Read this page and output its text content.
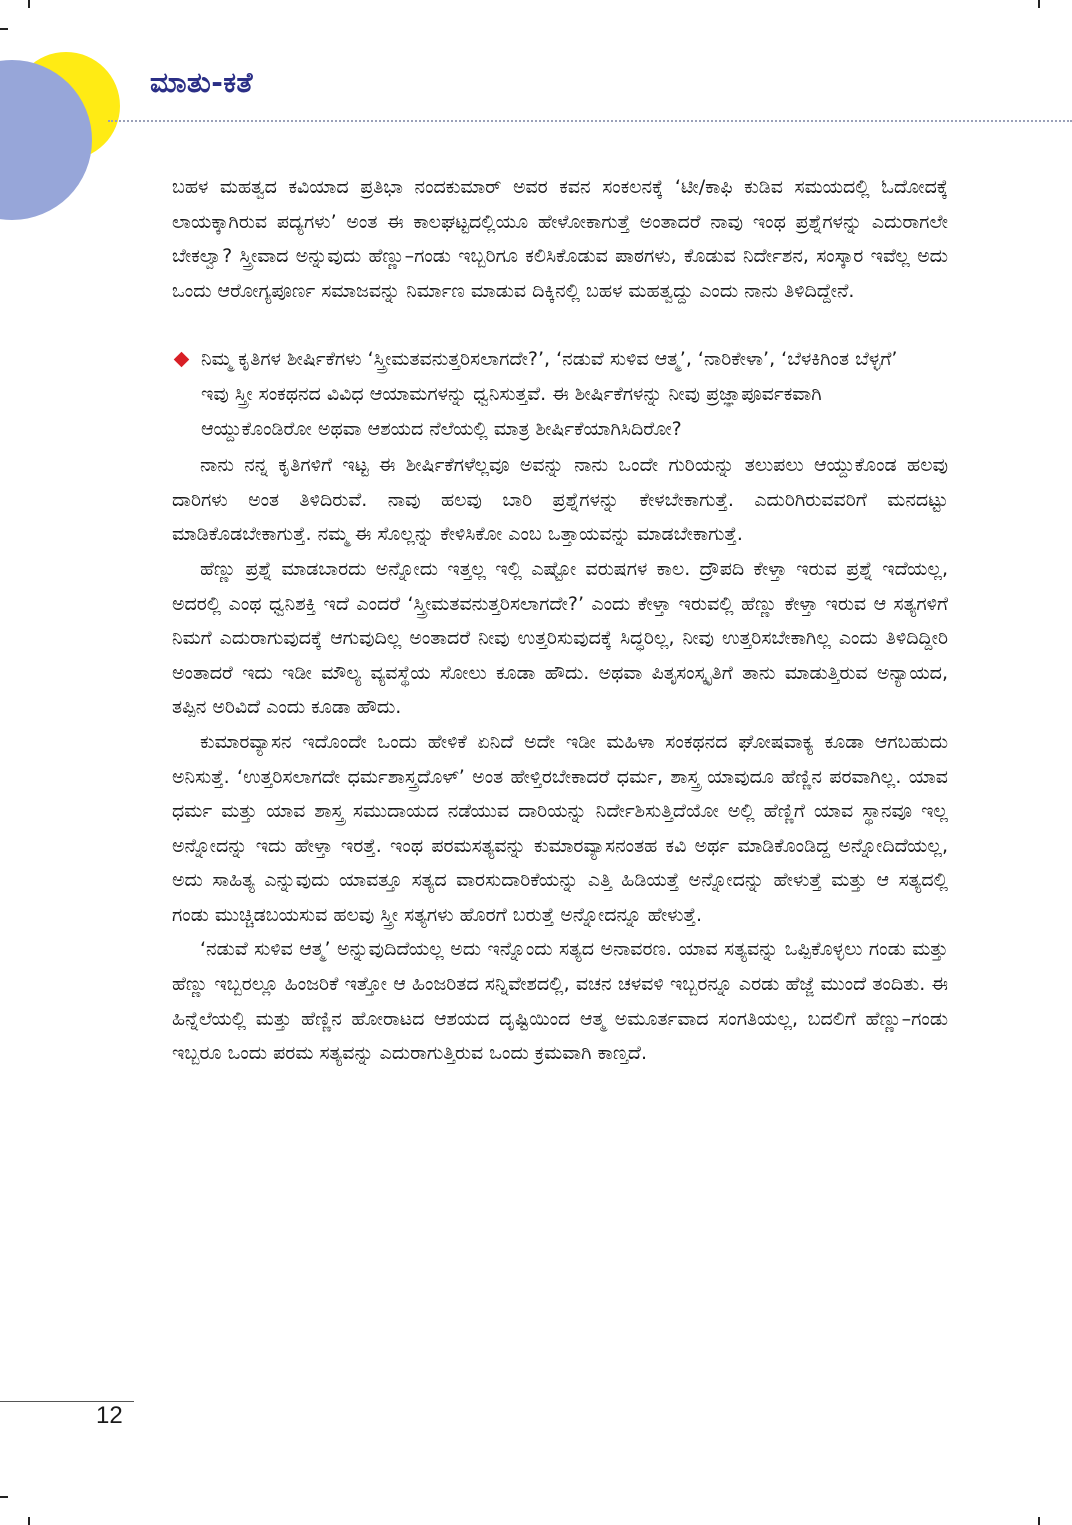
ಮಾತು-ಕತೆ

ಬಹಳ ಮಹತ್ವದ ಕವಿಯಾದ ಪ್ರತಿಭಾ ನಂದಕುಮಾರ್ ಅವರ ಕವನ ಸಂಕಲನಕ್ಕೆ ‘ಟೀ/ಕಾಫಿ ಕುಡಿವ ಸಮಯದಲ್ಲಿ ಓದೋದಕ್ಕೆ ಲಾಯಕ್ಕಾಗಿರುವ ಪದ್ಯಗಳು’ ಅಂತ ಈ ಕಾಲಘಟ್ಟದಲ್ಲಿಯೂ ಹೇಳೋಕಾಗುತ್ತೆ ಅಂತಾದರೆ ನಾವು ಇಂಥ ಪ್ರಶ್ನೆಗಳನ್ನು ಎದುರಾಗಲೇ ಬೇಕಲ್ವಾ? ಸ್ತ್ರೀವಾದ ಅನ್ನುವುದು ಹೆಣ್ಣು–ಗಂಡು ಇಬ್ಬರಿಗೂ ಕಲಿಸಿಕೊಡುವ ಪಾಠಗಳು, ಕೊಡುವ ನಿರ್ದೇಶನ, ಸಂಸ್ಕಾರ ಇವೆಲ್ಲ ಅದು ಒಂದು ಆರೋಗ್ಯಪೂರ್ಣ ಸಮಾಜವನ್ನು ನಿರ್ಮಾಣ ಮಾಡುವ ದಿಕ್ಕಿನಲ್ಲಿ ಬಹಳ ಮಹತ್ವದ್ದು ಎಂದು ನಾನು ತಿಳಿದಿದ್ದೇನೆ.

ನಿಮ್ಮ ಕೃತಿಗಳ ಶೀರ್ಷಿಕೆಗಳು ‘ಸ್ತ್ರೀಮತವನುತ್ತರಿಸಲಾಗದೇ?’, ‘ನಡುವೆ ಸುಳಿವ ಆತ್ಮ’, ‘ನಾರಿಕೇಳಾ’, ‘ಬೆಳಕಿಗಿಂತ ಬೆಳ್ಳಗೆ’ ಇವು ಸ್ತ್ರೀ ಸಂಕಥನದ ವಿವಿಧ ಆಯಾಮಗಳನ್ನು ಧ್ವನಿಸುತ್ತವೆ. ಈ ಶೀರ್ಷಿಕೆಗಳನ್ನು ನೀವು ಪ್ರಜ್ಞಾಪೂರ್ವಕವಾಗಿ ಆಯ್ದುಕೊಂಡಿರೋ ಅಥವಾ ಆಶಯದ ನೆಲೆಯಲ್ಲಿ ಮಾತ್ರ ಶೀರ್ಷಿಕೆಯಾಗಿಸಿದಿರೋ?

ನಾನು ನನ್ನ ಕೃತಿಗಳಿಗೆ ಇಟ್ಟ ಈ ಶೀರ್ಷಿಕೆಗಳೆಲ್ಲವೂ ಅವನ್ನು ನಾನು ಒಂದೇ ಗುರಿಯನ್ನು ತಲುಪಲು ಆಯ್ದುಕೊಂಡ ಹಲವು ದಾರಿಗಳು ಅಂತ ತಿಳಿದಿರುವೆ. ನಾವು ಹಲವು ಬಾರಿ ಪ್ರಶ್ನೆಗಳನ್ನು ಕೇಳಬೇಕಾಗುತ್ತೆ. ಎದುರಿಗಿರುವವರಿಗೆ ಮನದಟ್ಟು ಮಾಡಿಕೊಡಬೇಕಾಗುತ್ತೆ. ನಮ್ಮ ಈ ಸೊಲ್ಲನ್ನು ಕೇಳಿಸಿಕೋ ಎಂಬ ಒತ್ತಾಯವನ್ನು ಮಾಡಬೇಕಾಗುತ್ತೆ.

ಹೆಣ್ಣು ಪ್ರಶ್ನೆ ಮಾಡಬಾರದು ಅನ್ನೋದು ಇತ್ತಲ್ಲ ಇಲ್ಲಿ ಎಷ್ಟೋ ವರುಷಗಳ ಕಾಲ. ದ್ರೌಪದಿ ಕೇಳ್ತಾ ಇರುವ ಪ್ರಶ್ನೆ ಇದೆಯಲ್ಲ, ಅದರಲ್ಲಿ ಎಂಥ ಧ್ವನಿಶಕ್ತಿ ಇದೆ ಎಂದರೆ ‘ಸ್ತ್ರೀಮತವನುತ್ತರಿಸಲಾಗದೇ?’ ಎಂದು ಕೇಳ್ತಾ ಇರುವಲ್ಲಿ ಹೆಣ್ಣು ಕೇಳ್ತಾ ಇರುವ ಆ ಸತ್ಯಗಳಿಗೆ ನಿಮಗೆ ಎದುರಾಗುವುದಕ್ಕೆ ಆಗುವುದಿಲ್ಲ ಅಂತಾದರೆ ನೀವು ಉತ್ತರಿಸುವುದಕ್ಕೆ ಸಿದ್ಧರಿಲ್ಲ, ನೀವು ಉತ್ತರಿಸಬೇಕಾಗಿಲ್ಲ ಎಂದು ತಿಳಿದಿದ್ದೀರಿ ಅಂತಾದರೆ ಇದು ಇಡೀ ಮೌಲ್ಯ ವ್ಯವಸ್ಥೆಯ ಸೋಲು ಕೂಡಾ ಹೌದು. ಅಥವಾ ಪಿತೃಸಂಸ್ಕೃತಿಗೆ ತಾನು ಮಾಡುತ್ತಿರುವ ಅನ್ಯಾಯದ, ತಪ್ಪಿನ ಅರಿವಿದೆ ಎಂದು ಕೂಡಾ ಹೌದು.

ಕುಮಾರವ್ಯಾಸನ ಇದೊಂದೇ ಒಂದು ಹೇಳಿಕೆ ಏನಿದೆ ಅದೇ ಇಡೀ ಮಹಿಳಾ ಸಂಕಥನದ ಘೋಷವಾಕ್ಯ ಕೂಡಾ ಆಗಬಹುದು ಅನಿಸುತ್ತೆ. ‘ಉತ್ತರಿಸಲಾಗದೇ ಧರ್ಮಶಾಸ್ತ್ರದೊಳ್’ ಅಂತ ಹೇಳ್ತಿರಬೇಕಾದರೆ ಧರ್ಮ, ಶಾಸ್ತ್ರ ಯಾವುದೂ ಹೆಣ್ಣಿನ ಪರವಾಗಿಲ್ಲ. ಯಾವ ಧರ್ಮ ಮತ್ತು ಯಾವ ಶಾಸ್ತ್ರ ಸಮುದಾಯದ ನಡೆಯುವ ದಾರಿಯನ್ನು ನಿರ್ದೇಶಿಸುತ್ತಿದೆಯೋ ಅಲ್ಲಿ ಹೆಣ್ಣಿಗೆ ಯಾವ ಸ್ಥಾನವೂ ಇಲ್ಲ ಅನ್ನೋದನ್ನು ಇದು ಹೇಳ್ತಾ ಇರತ್ತೆ. ಇಂಥ ಪರಮಸತ್ಯವನ್ನು ಕುಮಾರವ್ಯಾಸನಂತಹ ಕವಿ ಅರ್ಥ ಮಾಡಿಕೊಂಡಿದ್ದ ಅನ್ನೋದಿದೆಯಲ್ಲ, ಅದು ಸಾಹಿತ್ಯ ಎನ್ನುವುದು ಯಾವತ್ತೂ ಸತ್ಯದ ವಾರಸುದಾರಿಕೆಯನ್ನು ಎತ್ತಿ ಹಿಡಿಯತ್ತೆ ಅನ್ನೋದನ್ನು ಹೇಳುತ್ತೆ ಮತ್ತು ಆ ಸತ್ಯದಲ್ಲಿ ಗಂಡು ಮುಚ್ಚಿಡಬಯಸುವ ಹಲವು ಸ್ತ್ರೀ ಸತ್ಯಗಳು ಹೊರಗೆ ಬರುತ್ತೆ ಅನ್ನೋದನ್ನೂ ಹೇಳುತ್ತೆ.

‘ನಡುವೆ ಸುಳಿವ ಆತ್ಮ’ ಅನ್ನುವುದಿದೆಯಲ್ಲ ಅದು ಇನ್ನೊಂದು ಸತ್ಯದ ಅನಾವರಣ. ಯಾವ ಸತ್ಯವನ್ನು ಒಪ್ಪಿಕೊಳ್ಳಲು ಗಂಡು ಮತ್ತು ಹೆಣ್ಣು ಇಬ್ಬರಲ್ಲೂ ಹಿಂಜರಿಕೆ ಇತ್ತೋ ಆ ಹಿಂಜರಿತದ ಸನ್ನಿವೇಶದಲ್ಲಿ, ವಚನ ಚಳವಳಿ ಇಬ್ಬರನ್ನೂ ಎರಡು ಹೆಜ್ಜೆ ಮುಂದೆ ತಂದಿತು. ಈ ಹಿನ್ನೆಲೆಯಲ್ಲಿ ಮತ್ತು ಹೆಣ್ಣಿನ ಹೋರಾಟದ ಆಶಯದ ದೃಷ್ಟಿಯಿಂದ ಆತ್ಮ ಅಮೂರ್ತವಾದ ಸಂಗತಿಯಲ್ಲ, ಬದಲಿಗೆ ಹೆಣ್ಣು–ಗಂಡು ಇಬ್ಬರೂ ಒಂದು ಪರಮ ಸತ್ಯವನ್ನು ಎದುರಾಗುತ್ತಿರುವ ಒಂದು ಕ್ರಮವಾಗಿ ಕಾಣ್ತದೆ.

12
